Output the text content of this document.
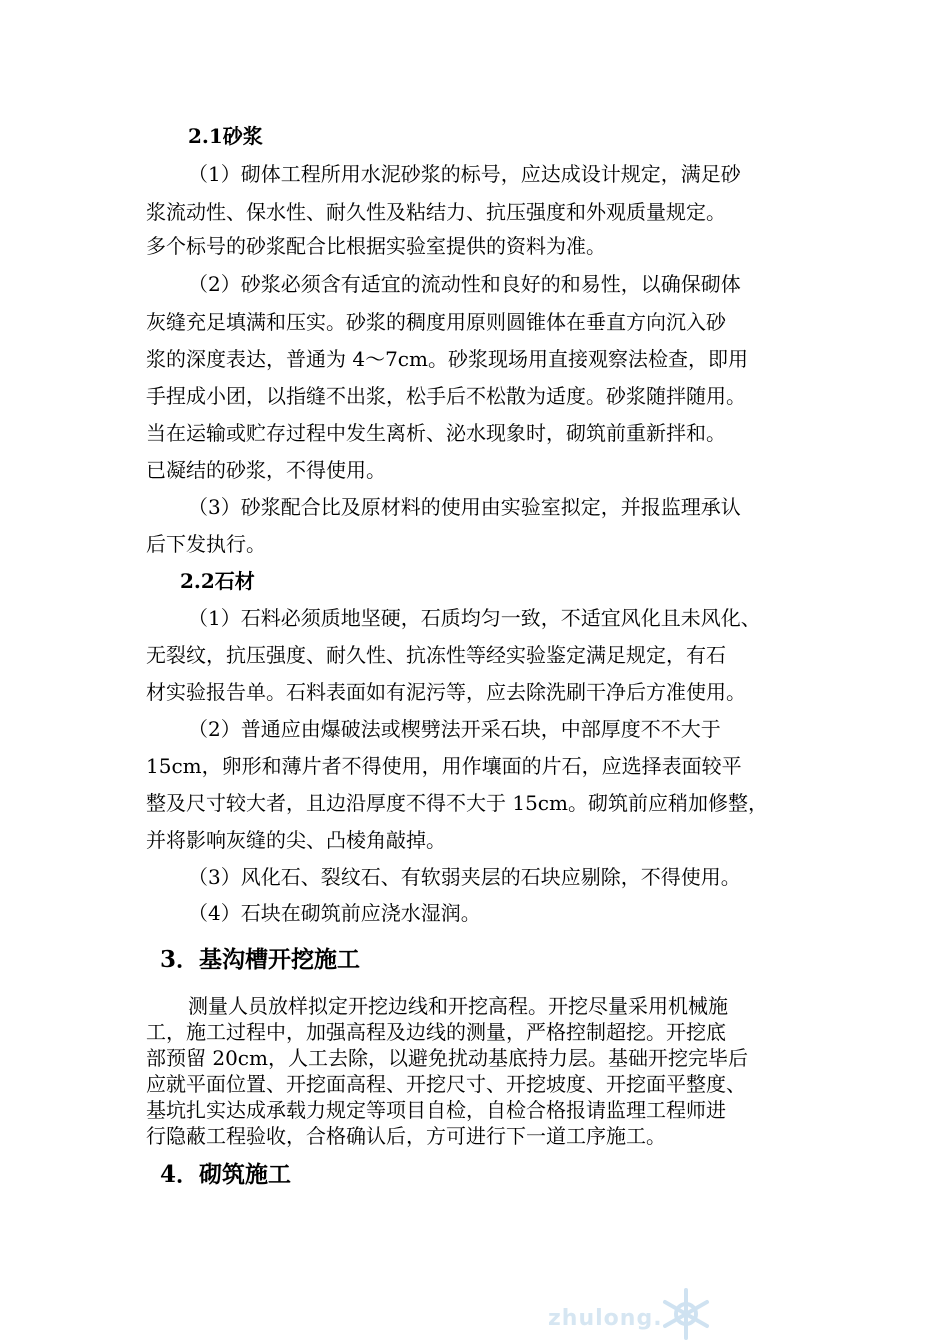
2.1砂浆
（1）砌体工程所用水泥砂浆的标号，应达成设计规定，满足砂
浆流动性、保水性、耐久性及粘结力、抗压强度和外观质量规定。
多个标号的砂浆配合比根据实验室提供的资料为准。
（2）砂浆必须含有适宜的流动性和良好的和易性，以确保砌体
灰缝充足填满和压实。砂浆的稠度用原则圆锥体在垂直方向沉入砂
浆的深度表达，普通为 4～7cm。砂浆现场用直接观察法检查，即用
手捏成小团，以指缝不出浆，松手后不松散为适度。砂浆随拌随用。
当在运输或贮存过程中发生离析、泌水现象时，砌筑前重新拌和。
已凝结的砂浆，不得使用。
（3）砂浆配合比及原材料的使用由实验室拟定，并报监理承认
后下发执行。
2.2石材
（1）石料必须质地坚硬，石质均匀一致，不适宜风化且未风化、
无裂纹，抗压强度、耐久性、抗冻性等经实验鉴定满足规定，有石
材实验报告单。石料表面如有泥污等，应去除洗刷干净后方准使用。
（2）普通应由爆破法或楔劈法开采石块，中部厚度不不大于
15cm，卵形和薄片者不得使用，用作壤面的片石，应选择表面较平
整及尺寸较大者，且边沿厚度不得不大于 15cm。砌筑前应稍加修整，
并将影响灰缝的尖、凸棱角敲掉。
（3）风化石、裂纹石、有软弱夹层的石块应剔除，不得使用。
（4）石块在砌筑前应浇水湿润。
3．基沟槽开挖施工
测量人员放样拟定开挖边线和开挖高程。开挖尽量采用机械施
工，施工过程中，加强高程及边线的测量，严格控制超挖。开挖底
部预留 20cm，人工去除，以避免扰动基底持力层。基础开挖完毕后
应就平面位置、开挖面高程、开挖尺寸、开挖坡度、开挖面平整度、
基坑扎实达成承载力规定等项目自检，自检合格报请监理工程师进
行隐蔽工程验收，合格确认后，方可进行下一道工序施工。
4．砌筑施工
zhulong.
